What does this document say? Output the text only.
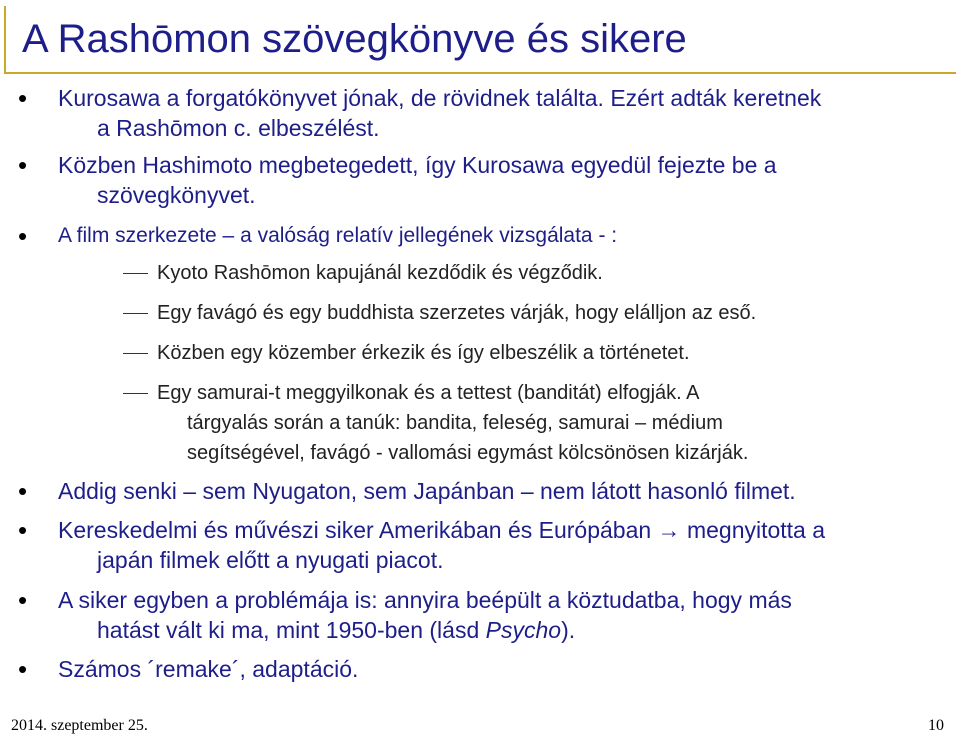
A Rashōmon szövegkönyve és sikere
• Kurosawa a forgatókönyvet jónak, de rövidnek találta. Ezért adták keretnek
a Rashōmon c. elbeszélést.
• Közben Hashimoto megbetegedett, így Kurosawa egyedül fejezte be a
szövegkönyvet.
• A film szerkezete – a valóság relatív jellegének vizsgálata - :
Kyoto Rashōmon kapujánál kezdődik és végződik.
Egy favágó és egy buddhista szerzetes várják, hogy elálljon az eső.
Közben egy közember érkezik és így elbeszélik a történetet.
Egy samurai-t meggyilkonak és a tettest (banditát) elfogják. A
tárgyalás során a tanúk: bandita, feleség, samurai – médium
segítségével, favágó - vallomási egymást kölcsönösen kizárják.
• Addig senki – sem Nyugaton, sem Japánban – nem látott hasonló filmet.
• Kereskedelmi és művészi siker Amerikában és Európában → megnyitotta a
japán filmek előtt a nyugati piacot.
• A siker egyben a problémája is: annyira beépült a köztudatba, hogy más
hatást vált ki ma, mint 1950-ben (lásd Psycho).
• Számos ´remake´, adaptáció.
2014. szeptember 25.	10
